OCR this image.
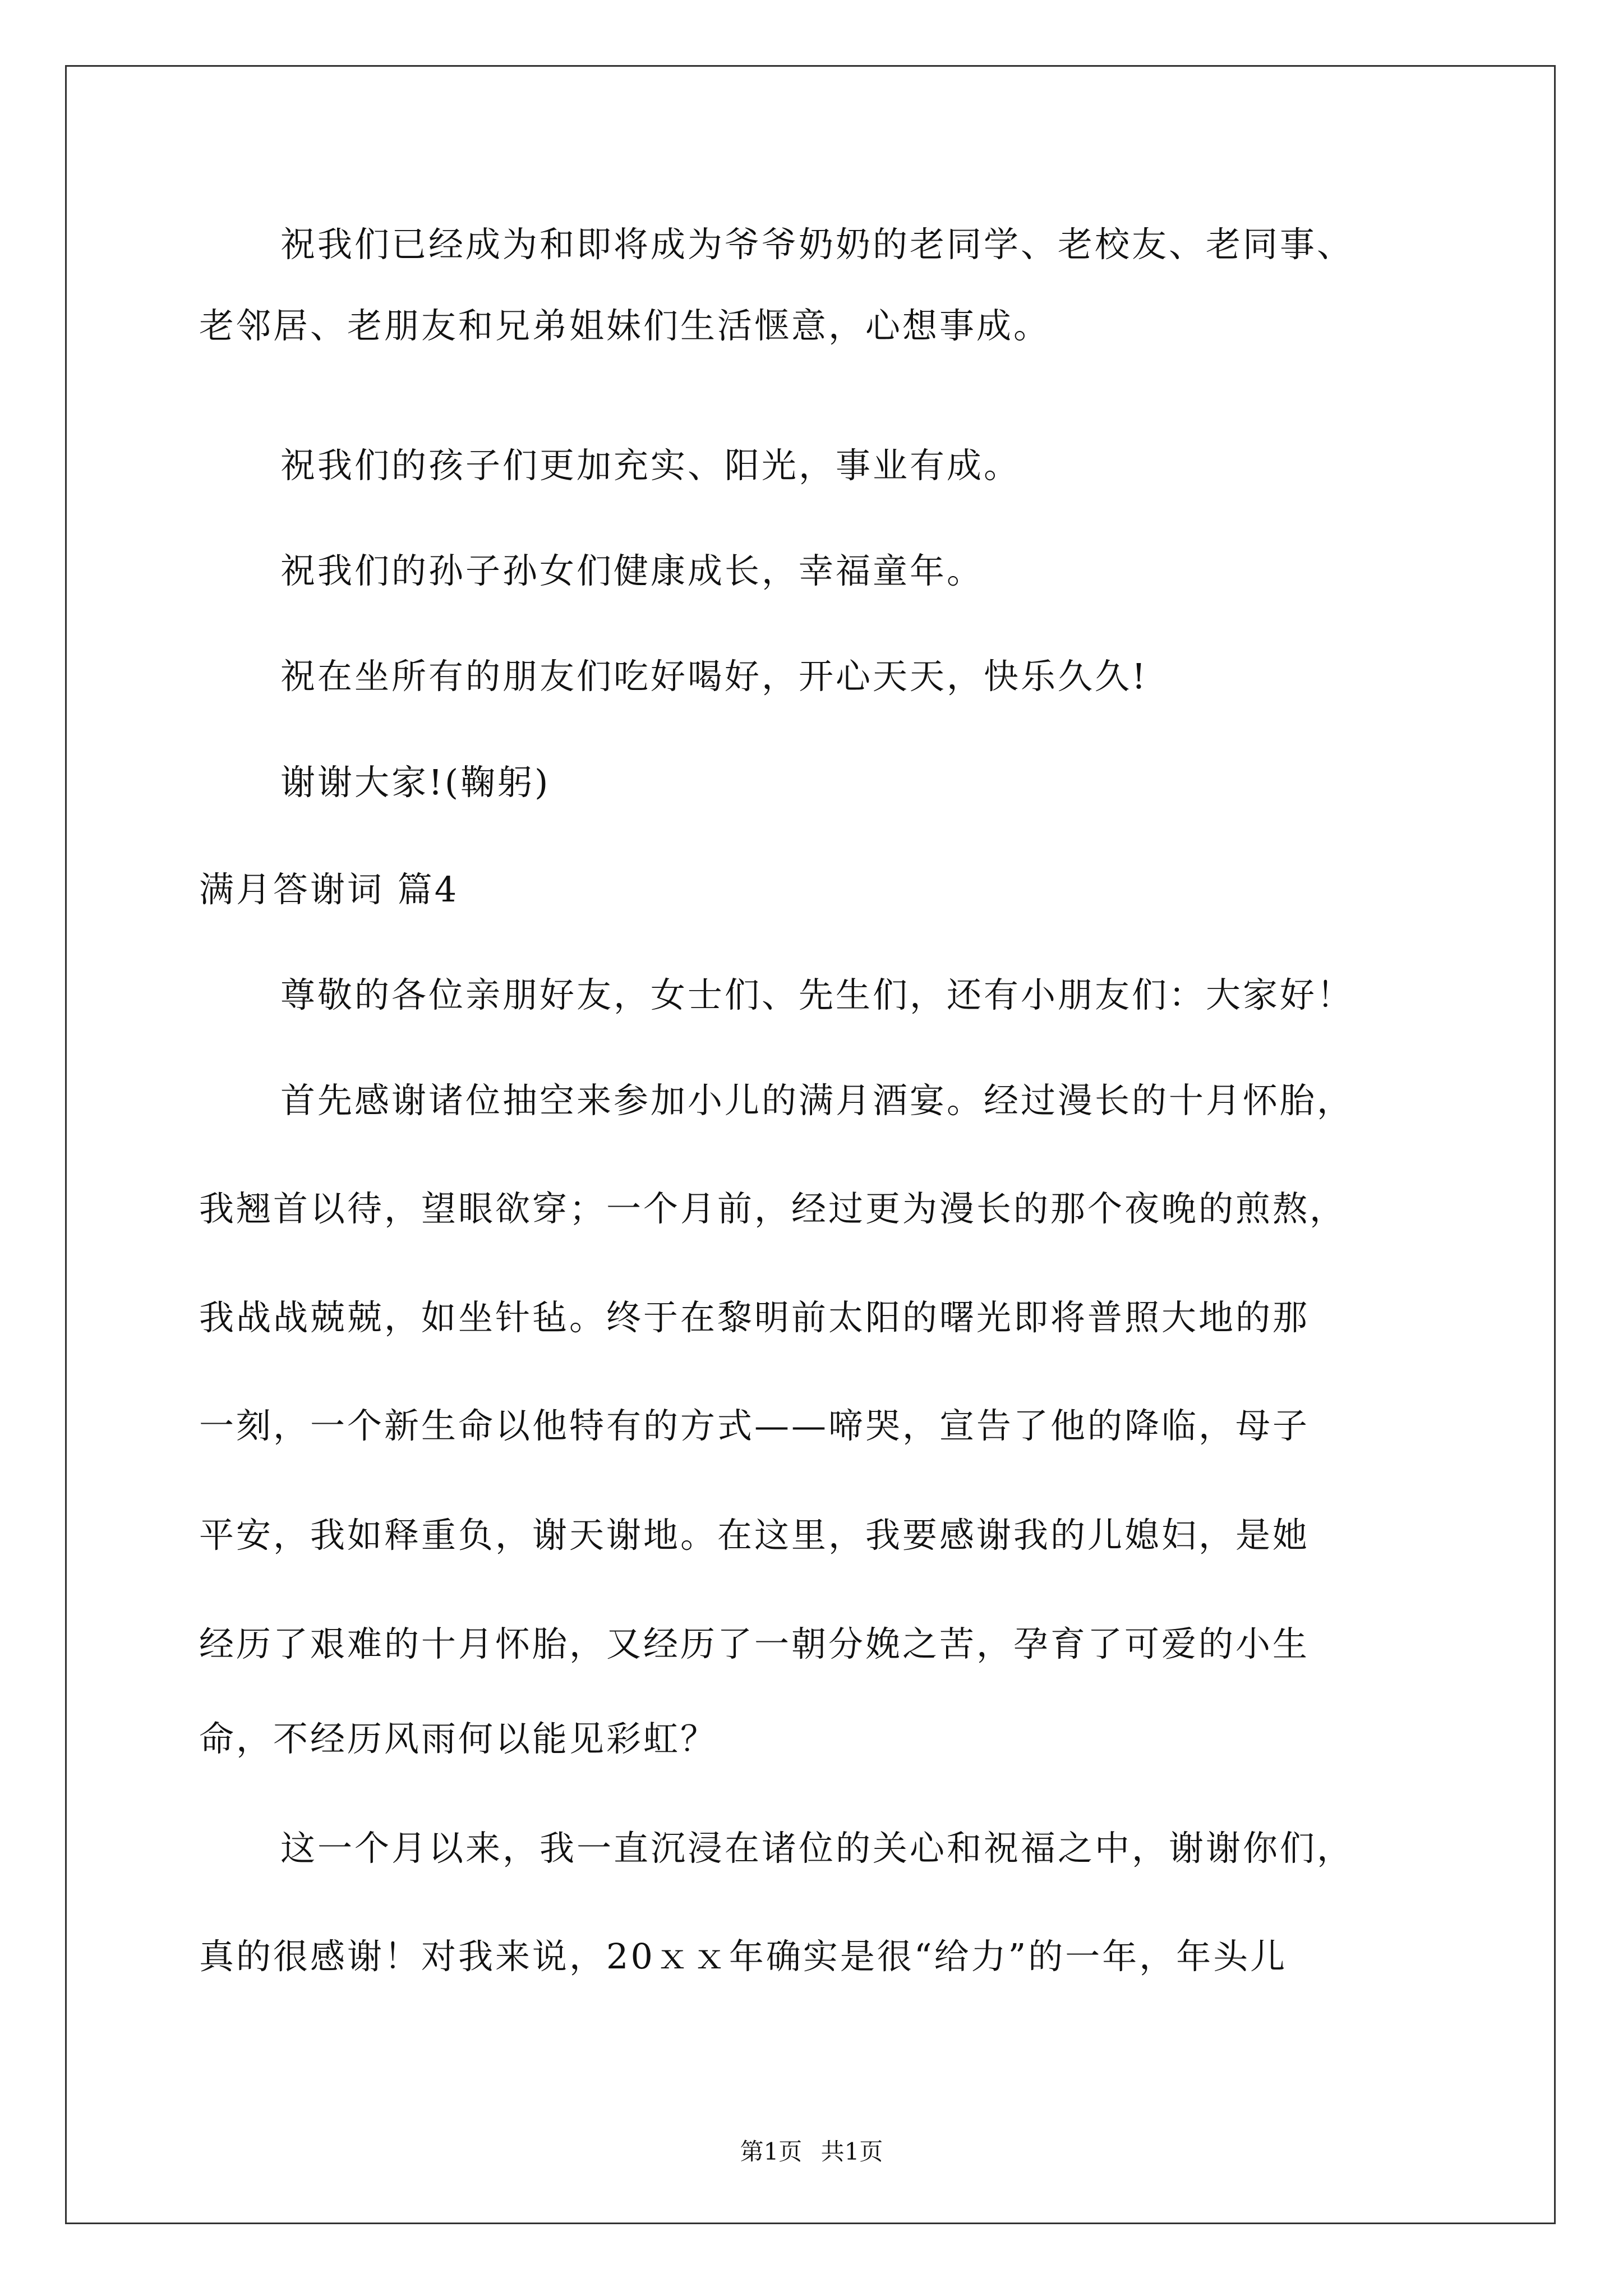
祝我们已经成为和即将成为爷爷奶奶的老同学、老校友、老同事、
老邻居、老朋友和兄弟姐妹们生活惬意，心想事成。
祝我们的孩子们更加充实、阳光，事业有成。
祝我们的孙子孙女们健康成长，幸福童年。
祝在坐所有的朋友们吃好喝好，开心天天，快乐久久!
谢谢大家!(鞠躬)
满月答谢词 篇4
尊敬的各位亲朋好友，女士们、先生们，还有小朋友们：大家好！
首先感谢诸位抽空来参加小儿的满月酒宴。经过漫长的十月怀胎，
我翘首以待，望眼欲穿；一个月前，经过更为漫长的那个夜晚的煎熬，
我战战兢兢，如坐针毡。终于在黎明前太阳的曙光即将普照大地的那
一刻，一个新生命以他特有的方式——啼哭，宣告了他的降临，母子
平安，我如释重负，谢天谢地。在这里，我要感谢我的儿媳妇，是她
经历了艰难的十月怀胎，又经历了一朝分娩之苦，孕育了可爱的小生
命，不经历风雨何以能见彩虹？
这一个月以来，我一直沉浸在诸位的关心和祝福之中，谢谢你们，
真的很感谢！对我来说，20ｘｘ年确实是很“给力”的一年，年头儿
第1页 共1页
